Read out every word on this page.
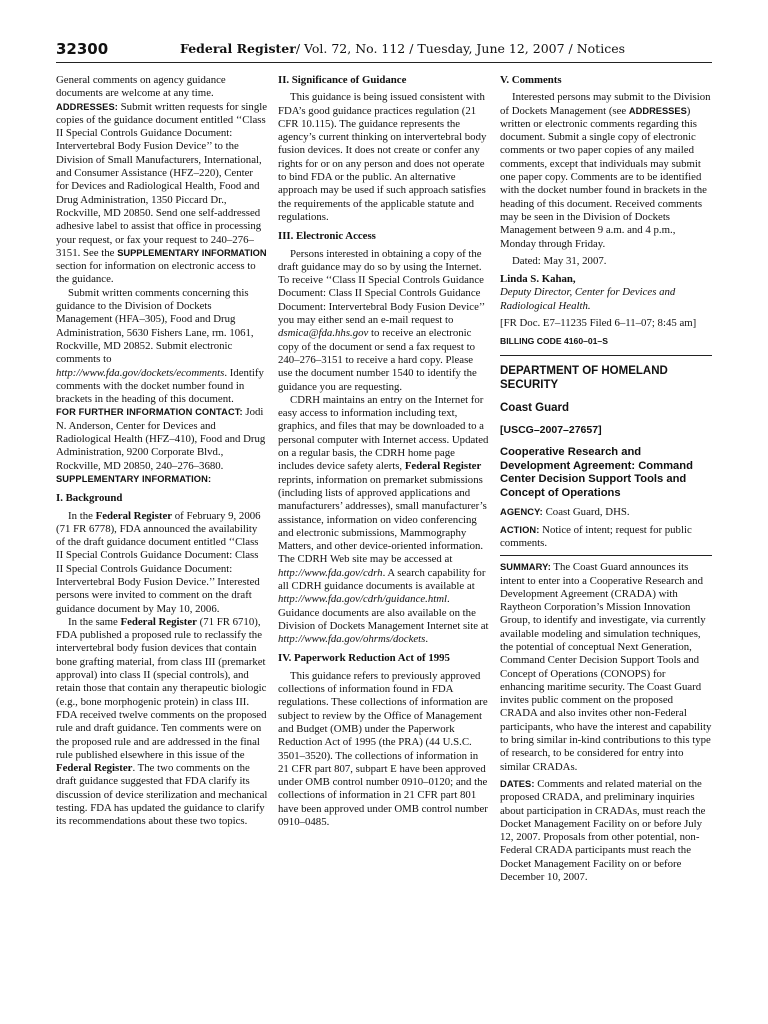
32300	Federal Register/ Vol. 72, No. 112 / Tuesday, June 12, 2007 / Notices

General comments on agency guidance documents are welcome at any time.

ADDRESSES: Submit written requests for single copies of the guidance document entitled ‘‘Class II Special Controls Guidance Document: Intervertebral Body Fusion Device’’ to the Division of Small Manufacturers, International, and Consumer Assistance (HFZ–220), Center for Devices and Radiological Health, Food and Drug Administration, 1350 Piccard Dr., Rockville, MD 20850. Send one self-addressed adhesive label to assist that office in processing your request, or fax your request to 240–276–3151. See the SUPPLEMENTARY INFORMATION section for information on electronic access to the guidance.

Submit written comments concerning this guidance to the Division of Dockets Management (HFA–305), Food and Drug Administration, 5630 Fishers Lane, rm. 1061, Rockville, MD 20852. Submit electronic comments to http://www.fda.gov/dockets/ecomments. Identify comments with the docket number found in brackets in the heading of this document.

FOR FURTHER INFORMATION CONTACT: Jodi N. Anderson, Center for Devices and Radiological Health (HFZ–410), Food and Drug Administration, 9200 Corporate Blvd., Rockville, MD 20850, 240–276–3680.

SUPPLEMENTARY INFORMATION:

I. Background

In the Federal Register of February 9, 2006 (71 FR 6778), FDA announced the availability of the draft guidance document entitled ‘‘Class II Special Controls Guidance Document: Class II Special Controls Guidance Document: Intervertebral Body Fusion Device.’’ Interested persons were invited to comment on the draft guidance document by May 10, 2006.

In the same Federal Register (71 FR 6710), FDA published a proposed rule to reclassify the intervertebral body fusion devices that contain bone grafting material, from class III (premarket approval) into class II (special controls), and retain those that contain any therapeutic biologic (e.g., bone morphogenic protein) in class III. FDA received twelve comments on the proposed rule and draft guidance. Ten comments were on the proposed rule and are addressed in the final rule published elsewhere in this issue of the Federal Register. The two comments on the draft guidance suggested that FDA clarify its discussion of device sterilization and mechanical testing. FDA has updated the guidance to clarify its recommendations about these two topics.

II. Significance of Guidance

This guidance is being issued consistent with FDA’s good guidance practices regulation (21 CFR 10.115). The guidance represents the agency’s current thinking on intervertebral body fusion devices. It does not create or confer any rights for or on any person and does not operate to bind FDA or the public. An alternative approach may be used if such approach satisfies the requirements of the applicable statute and regulations.

III. Electronic Access

Persons interested in obtaining a copy of the draft guidance may do so by using the Internet. To receive ‘‘Class II Special Controls Guidance Document: Class II Special Controls Guidance Document: Intervertebral Body Fusion Device’’ you may either send an e-mail request to dsmica@fda.hhs.gov to receive an electronic copy of the document or send a fax request to 240–276–3151 to receive a hard copy. Please use the document number 1540 to identify the guidance you are requesting.

CDRH maintains an entry on the Internet for easy access to information including text, graphics, and files that may be downloaded to a personal computer with Internet access. Updated on a regular basis, the CDRH home page includes device safety alerts, Federal Register reprints, information on premarket submissions (including lists of approved applications and manufacturers’ addresses), small manufacturer’s assistance, information on video conferencing and electronic submissions, Mammography Matters, and other device-oriented information. The CDRH Web site may be accessed at http://www.fda.gov/cdrh. A search capability for all CDRH guidance documents is available at http://www.fda.gov/cdrh/guidance.html. Guidance documents are also available on the Division of Dockets Management Internet site at http://www.fda.gov/ohrms/dockets.

IV. Paperwork Reduction Act of 1995

This guidance refers to previously approved collections of information found in FDA regulations. These collections of information are subject to review by the Office of Management and Budget (OMB) under the Paperwork Reduction Act of 1995 (the PRA) (44 U.S.C. 3501–3520). The collections of information in 21 CFR part 807, subpart E have been approved under OMB control number 0910–0120; and the collections of information in 21 CFR part 801 have been approved under OMB control number 0910–0485.

V. Comments

Interested persons may submit to the Division of Dockets Management (see ADDRESSES) written or electronic comments regarding this document. Submit a single copy of electronic comments or two paper copies of any mailed comments, except that individuals may submit one paper copy. Comments are to be identified with the docket number found in brackets in the heading of this document. Received comments may be seen in the Division of Dockets Management between 9 a.m. and 4 p.m., Monday through Friday.

Dated: May 31, 2007.

Linda S. Kahan,

Deputy Director, Center for Devices and Radiological Health.

[FR Doc. E7–11235 Filed 6–11–07; 8:45 am]

BILLING CODE 4160–01–S

DEPARTMENT OF HOMELAND SECURITY

Coast Guard

[USCG–2007–27657]

Cooperative Research and Development Agreement: Command Center Decision Support Tools and Concept of Operations

AGENCY: Coast Guard, DHS.

ACTION: Notice of intent; request for public comments.

SUMMARY: The Coast Guard announces its intent to enter into a Cooperative Research and Development Agreement (CRADA) with Raytheon Corporation’s Mission Innovation Group, to identify and investigate, via currently available modeling and simulation techniques, the potential of conceptual Next Generation, Command Center Decision Support Tools and Concept of Operations (CONOPS) for enhancing maritime security. The Coast Guard invites public comment on the proposed CRADA and also invites other non-Federal participants, who have the interest and capability to bring similar in-kind contributions to this type of research, to be considered for entry into similar CRADAs.

DATES: Comments and related material on the proposed CRADA, and preliminary inquiries about participation in CRADAs, must reach the Docket Management Facility on or before July 12, 2007. Proposals from other potential, non-Federal CRADA participants must reach the Docket Management Facility on or before December 10, 2007.
